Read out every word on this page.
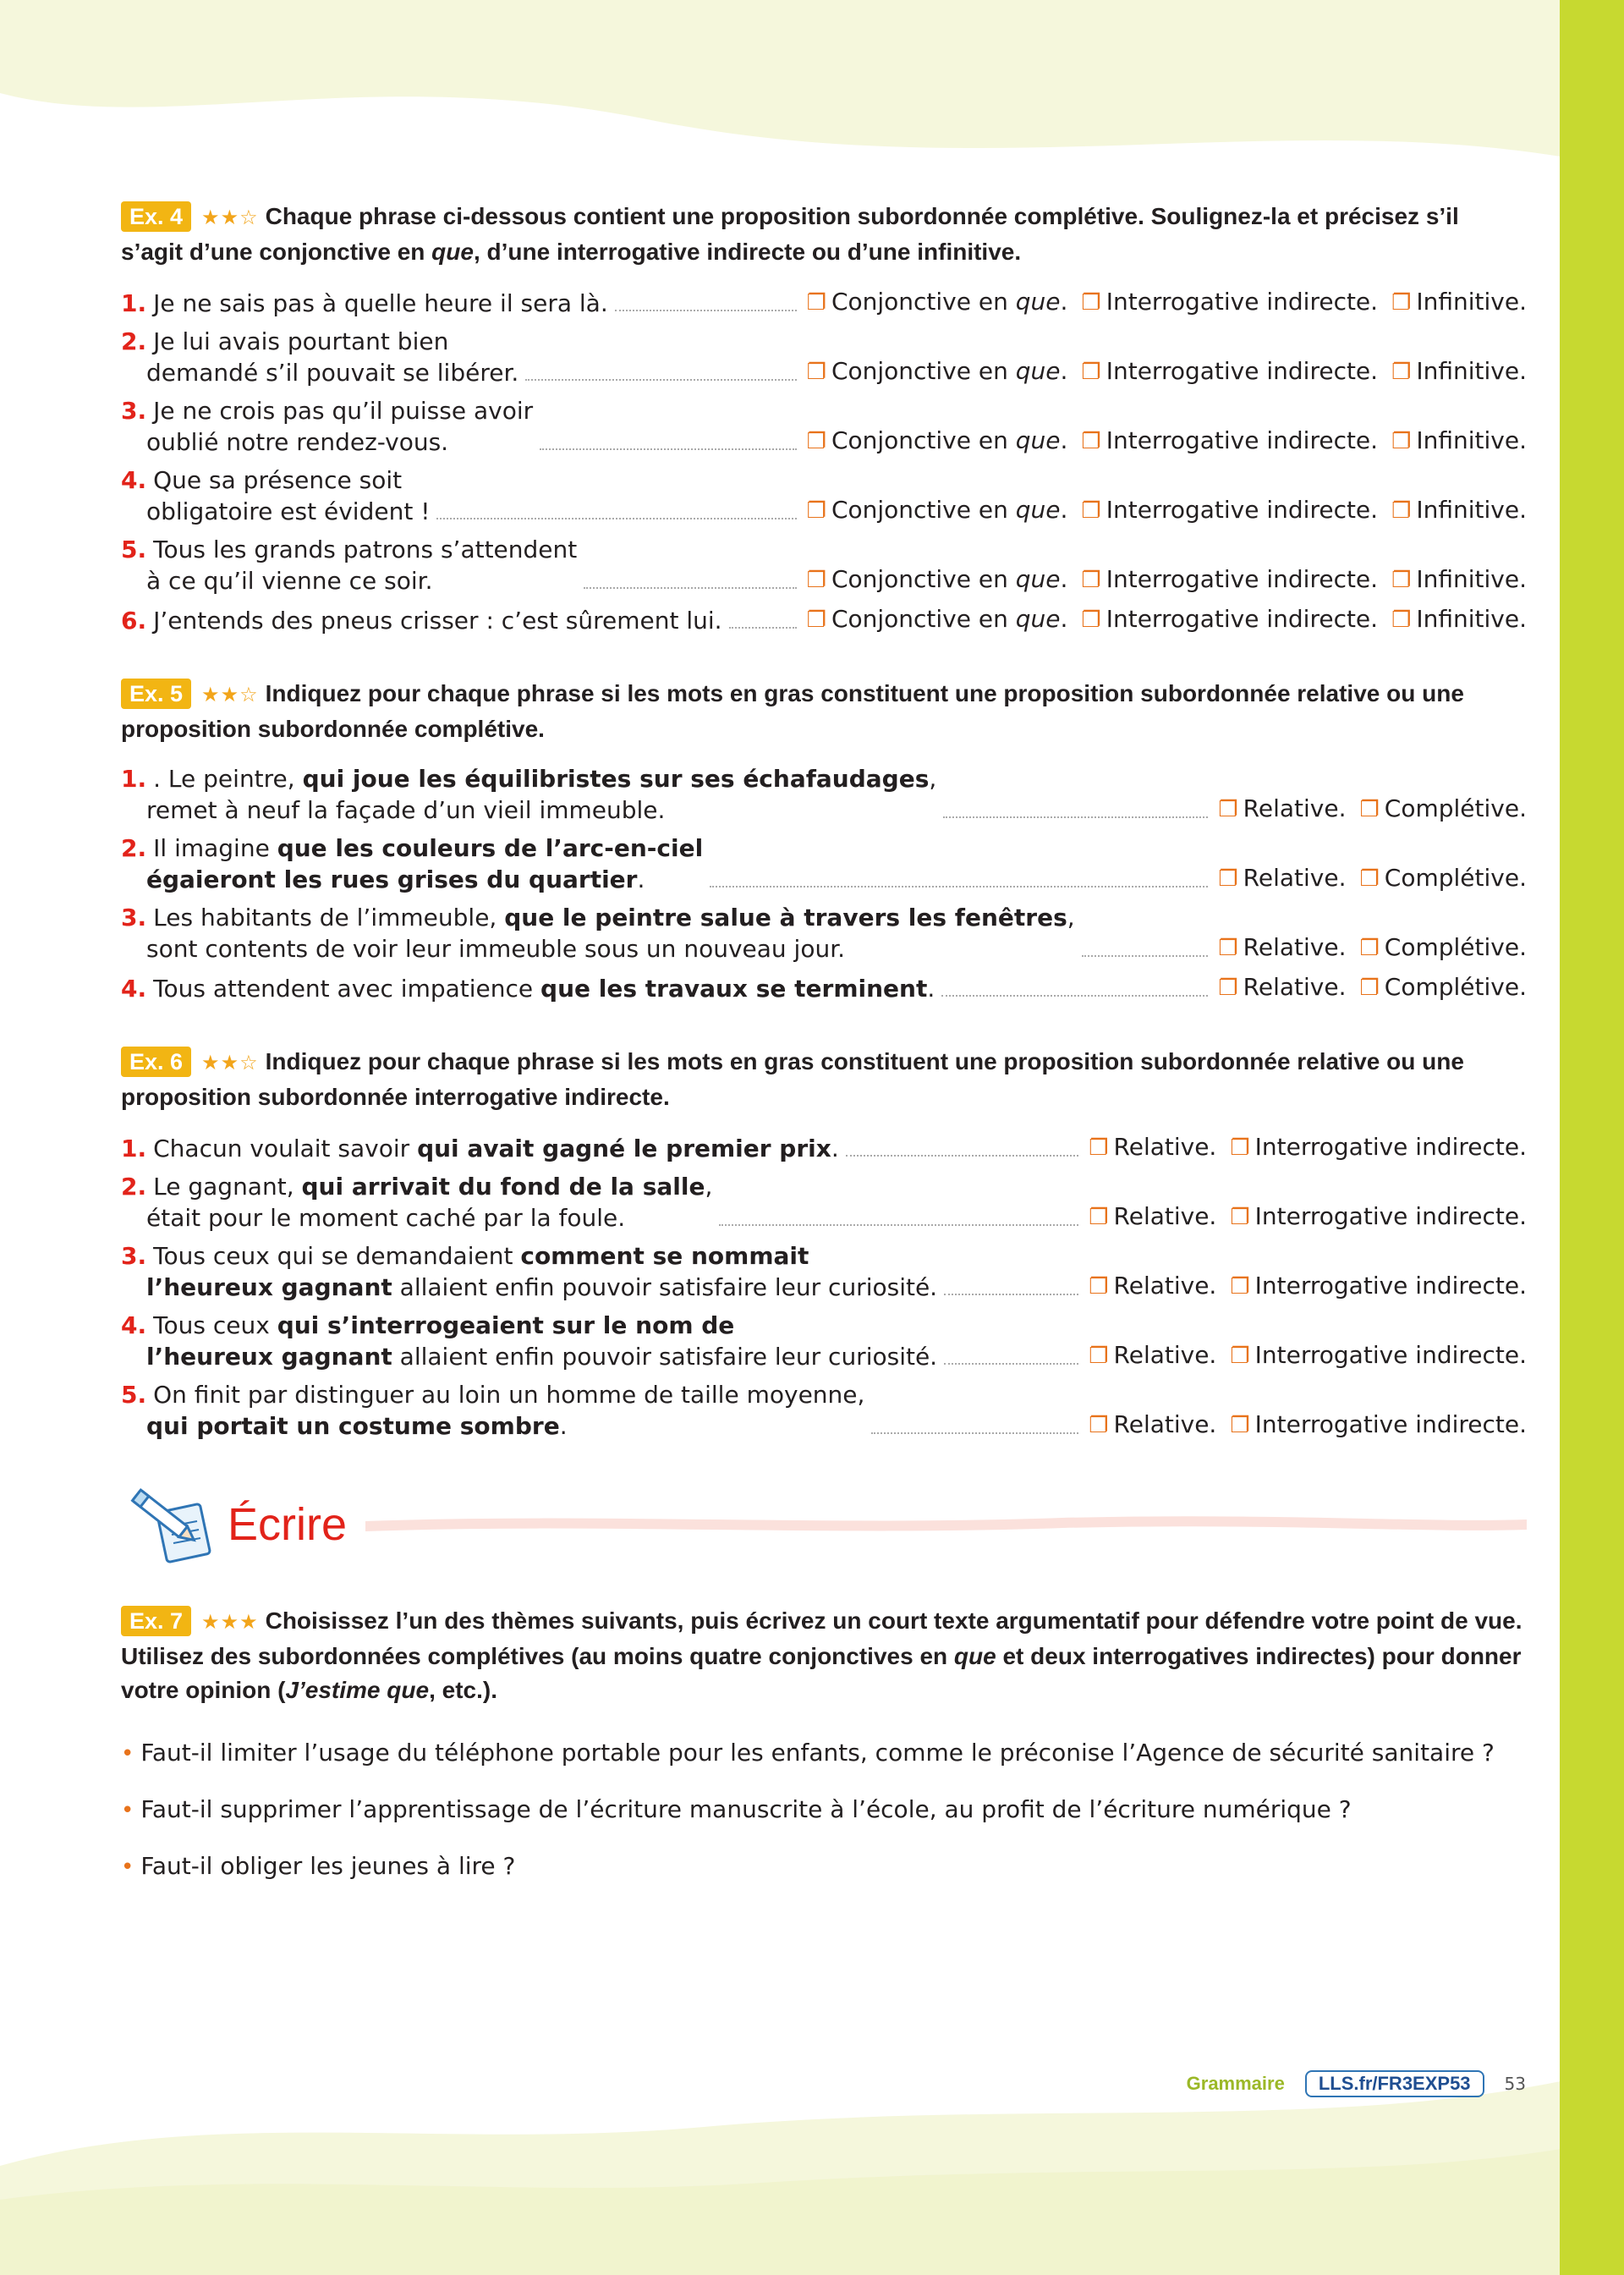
Ex. 4 ★★☆ Chaque phrase ci-dessous contient une proposition subordonnée complétive. Soulignez-la et précisez s’il s’agit d’une conjonctive en que, d’une interrogative indirecte ou d’une infinitive.
1. Je ne sais pas à quelle heure il sera là.	❐ Conjonctive en que. ❐ Interrogative indirecte. ❐ Infinitive.
2. Je lui avais pourtant bien
demandé s’il pouvait se libérer.	❐ Conjonctive en que. ❐ Interrogative indirecte. ❐ Infinitive.
3. Je ne crois pas qu’il puisse avoir
oublié notre rendez-vous.	❐ Conjonctive en que. ❐ Interrogative indirecte. ❐ Infinitive.
4. Que sa présence soit
obligatoire est évident !	❐ Conjonctive en que. ❐ Interrogative indirecte. ❐ Infinitive.
5. Tous les grands patrons s’attendent
à ce qu’il vienne ce soir.	❐ Conjonctive en que. ❐ Interrogative indirecte. ❐ Infinitive.
6. J’entends des pneus crisser : c’est sûrement lui.	❐ Conjonctive en que. ❐ Interrogative indirecte. ❐ Infinitive.
Ex. 5 ★★☆ Indiquez pour chaque phrase si les mots en gras constituent une proposition subordonnée relative ou une proposition subordonnée complétive.
1. . Le peintre, qui joue les équilibristes sur ses échafaudages,
remet à neuf la façade d’un vieil immeuble.	❐ Relative. ❐ Complétive.
2. Il imagine que les couleurs de l’arc-en-ciel
égaieront les rues grises du quartier.	❐ Relative. ❐ Complétive.
3. Les habitants de l’immeuble, que le peintre salue à travers les fenêtres,
sont contents de voir leur immeuble sous un nouveau jour.	❐ Relative. ❐ Complétive.
4. Tous attendent avec impatience que les travaux se terminent.	❐ Relative. ❐ Complétive.
Ex. 6 ★★☆ Indiquez pour chaque phrase si les mots en gras constituent une proposition subordonnée relative ou une proposition subordonnée interrogative indirecte.
1. Chacun voulait savoir qui avait gagné le premier prix.	❐ Relative. ❐ Interrogative indirecte.
2. Le gagnant, qui arrivait du fond de la salle,
était pour le moment caché par la foule.	❐ Relative. ❐ Interrogative indirecte.
3. Tous ceux qui se demandaient comment se nommait
l’heureux gagnant allaient enfin pouvoir satisfaire leur curiosité.	❐ Relative. ❐ Interrogative indirecte.
4. Tous ceux qui s’interrogeaient sur le nom de
l’heureux gagnant allaient enfin pouvoir satisfaire leur curiosité.	❐ Relative. ❐ Interrogative indirecte.
5. On finit par distinguer au loin un homme de taille moyenne,
qui portait un costume sombre.	❐ Relative. ❐ Interrogative indirecte.
Écrire
Ex. 7 ★★★ Choisissez l’un des thèmes suivants, puis écrivez un court texte argumentatif pour défendre votre point de vue. Utilisez des subordonnées complétives (au moins quatre conjonctives en que et deux interrogatives indirectes) pour donner votre opinion (J’estime que, etc.).
• Faut-il limiter l’usage du téléphone portable pour les enfants, comme le préconise l’Agence de sécurité sanitaire ?
• Faut-il supprimer l’apprentissage de l’écriture manuscrite à l’école, au profit de l’écriture numérique ?
• Faut-il obliger les jeunes à lire ?
Grammaire	LLS.fr/FR3EXP53	53
